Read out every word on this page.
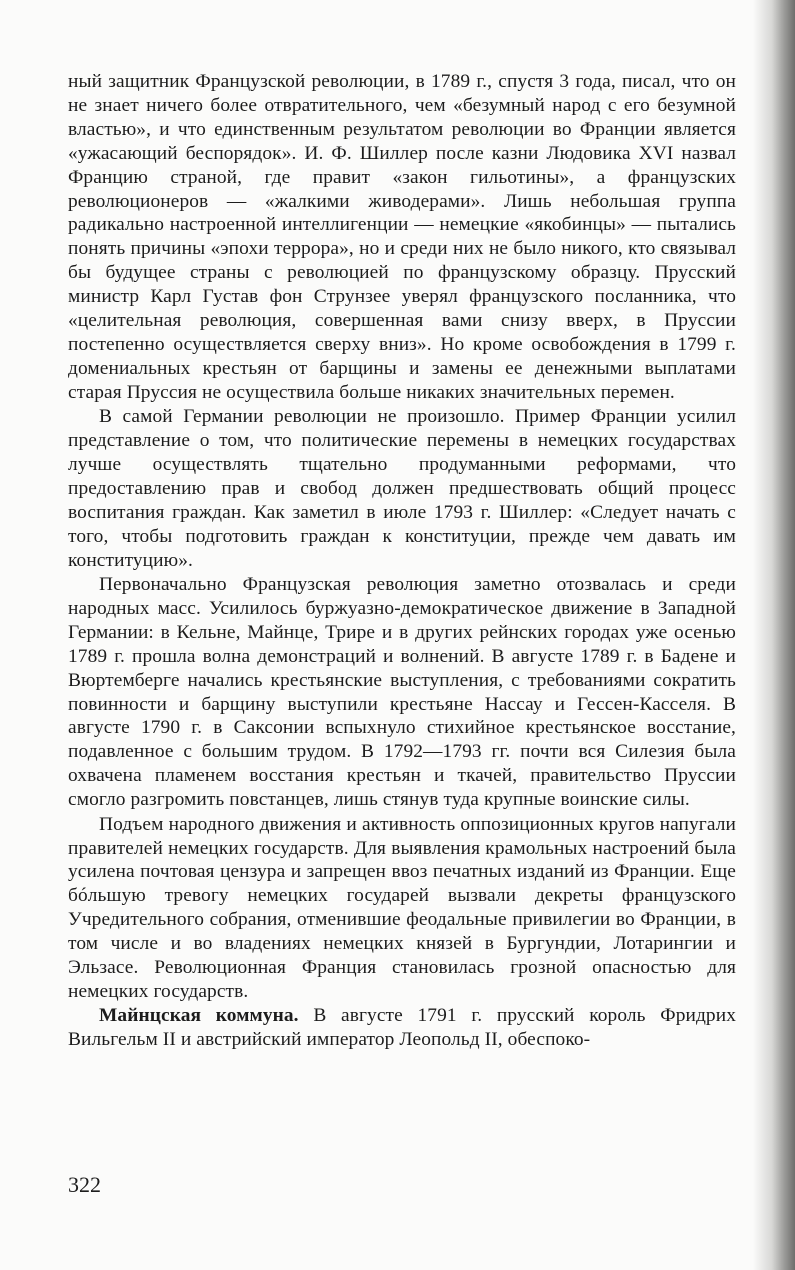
ный защитник Французской революции, в 1789 г., спустя 3 года, писал, что он не знает ничего более отвратительного, чем «безумный народ с его безумной властью», и что единственным результатом революции во Франции является «ужасающий беспорядок». И. Ф. Шиллер после казни Людовика XVI назвал Францию страной, где правит «закон гильотины», а французских революционеров — «жалкими живодерами». Лишь небольшая группа радикально настроенной интеллигенции — немецкие «якобинцы» — пытались понять причины «эпохи террора», но и среди них не было никого, кто связывал бы будущее страны с революцией по французскому образцу. Прусский министр Карл Густав фон Струнзее уверял французского посланника, что «целительная революция, совершенная вами снизу вверх, в Пруссии постепенно осуществляется сверху вниз». Но кроме освобождения в 1799 г. домениальных крестьян от барщины и замены ее денежными выплатами старая Пруссия не осуществила больше никаких значительных перемен.

В самой Германии революции не произошло. Пример Франции усилил представление о том, что политические перемены в немецких государствах лучше осуществлять тщательно продуманными реформами, что предоставлению прав и свобод должен предшествовать общий процесс воспитания граждан. Как заметил в июле 1793 г. Шиллер: «Следует начать с того, чтобы подготовить граждан к конституции, прежде чем давать им конституцию».

Первоначально Французская революция заметно отозвалась и среди народных масс. Усилилось буржуазно-демократическое движение в Западной Германии: в Кельне, Майнце, Трире и в других рейнских городах уже осенью 1789 г. прошла волна демонстраций и волнений. В августе 1789 г. в Бадене и Вюртемберге начались крестьянские выступления, с требованиями сократить повинности и барщину выступили крестьяне Нассау и Гессен-Касселя. В августе 1790 г. в Саксонии вспыхнуло стихийное крестьянское восстание, подавленное с большим трудом. В 1792—1793 гг. почти вся Силезия была охвачена пламенем восстания крестьян и ткачей, правительство Пруссии смогло разгромить повстанцев, лишь стянув туда крупные воинские силы.

Подъем народного движения и активность оппозиционных кругов напугали правителей немецких государств. Для выявления крамольных настроений была усилена почтовая цензура и запрещен ввоз печатных изданий из Франции. Еще бóльшую тревогу немецких государей вызвали декреты французского Учредительного собрания, отменившие феодальные привилегии во Франции, в том числе и во владениях немецких князей в Бургундии, Лотарингии и Эльзасе. Революционная Франция становилась грозной опасностью для немецких государств.

Майнцская коммуна. В августе 1791 г. прусский король Фридрих Вильгельм II и австрийский император Леопольд II, обеспоко-

322
